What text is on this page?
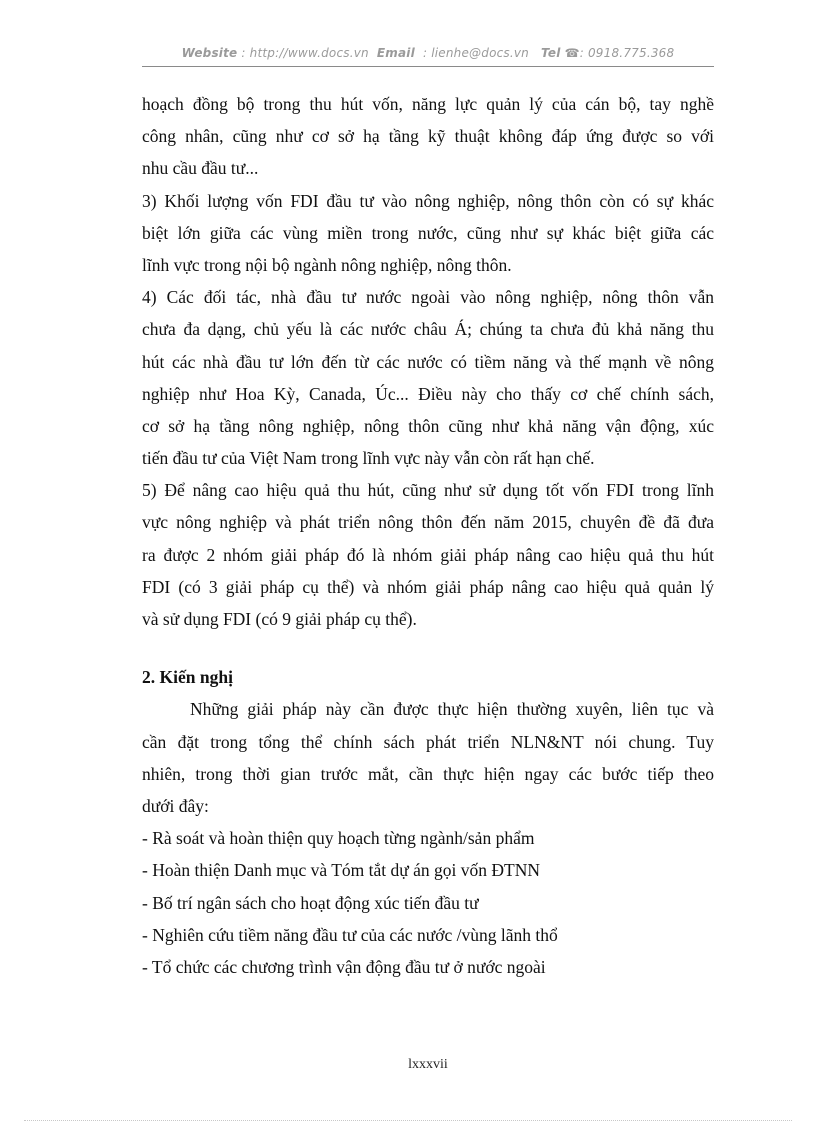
Website : http://www.docs.vn Email : lienhe@docs.vn Tel ☎: 0918.775.368
hoạch đồng bộ trong thu hút vốn, năng lực quản lý của cán bộ, tay nghề
công nhân, cũng như cơ sở hạ tầng kỹ thuật không đáp ứng được so với
nhu cầu đầu tư...
3) Khối lượng vốn FDI đầu tư vào nông nghiệp, nông thôn còn có sự khác
biệt lớn giữa các vùng miền trong nước, cũng như sự khác biệt giữa các
lĩnh vực trong nội bộ ngành nông nghiệp, nông thôn.
4) Các đối tác, nhà đầu tư nước ngoài vào nông nghiệp, nông thôn vẫn
chưa đa dạng, chủ yếu là các nước châu Á; chúng ta chưa đủ khả năng thu
hút các nhà đầu tư lớn đến từ các nước có tiềm năng và thế mạnh về nông
nghiệp như Hoa Kỳ, Canada, Úc... Điều này cho thấy cơ chế chính sách,
cơ sở hạ tầng nông nghiệp, nông thôn cũng như khả năng vận động, xúc
tiến đầu tư của Việt Nam trong lĩnh vực này vẫn còn rất hạn chế.
5) Để nâng cao hiệu quả thu hút, cũng như sử dụng tốt vốn FDI trong lĩnh
vực nông nghiệp và phát triển nông thôn đến năm 2015, chuyên đề đã đưa
ra được 2 nhóm giải pháp đó là nhóm giải pháp nâng cao hiệu quả thu hút
FDI (có 3 giải pháp cụ thể) và nhóm giải pháp nâng cao hiệu quả quản lý
và sử dụng FDI (có 9 giải pháp cụ thể).
2. Kiến nghị
Những giải pháp này cần được thực hiện thường xuyên, liên tục và
cần đặt trong tổng thể chính sách phát triển NLN&NT nói chung. Tuy
nhiên, trong thời gian trước mắt, cần thực hiện ngay các bước tiếp theo
dưới đây:
- Rà soát và hoàn thiện quy hoạch từng ngành/sản phẩm
- Hoàn thiện Danh mục và Tóm tắt dự án gọi vốn ĐTNN
- Bố trí ngân sách cho hoạt động xúc tiến đầu tư
- Nghiên cứu tiềm năng đầu tư của các nước /vùng lãnh thổ
- Tổ chức các chương trình vận động đầu tư ở nước ngoài
lxxxvii
